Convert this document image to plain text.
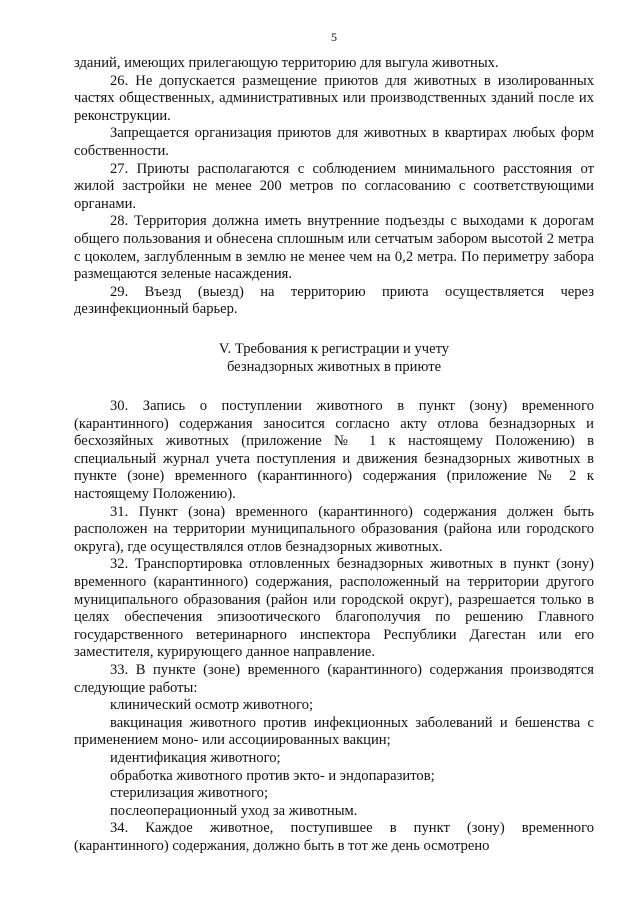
5

зданий, имеющих прилегающую территорию для выгула животных.

26. Не допускается размещение приютов для животных в изолированных частях общественных, административных или производственных зданий после их реконструкции.

Запрещается организация приютов для животных в квартирах любых форм собственности.

27. Приюты располагаются с соблюдением минимального расстояния от жилой застройки не менее 200 метров по согласованию с соответствующими органами.

28. Территория должна иметь внутренние подъезды с выходами к дорогам общего пользования и обнесена сплошным или сетчатым забором высотой 2 метра с цоколем, заглубленным в землю не менее чем на 0,2 метра. По периметру забора размещаются зеленые насаждения.

29. Въезд (выезд) на территорию приюта осуществляется через дезинфекционный барьер.

V. Требования к регистрации и учету
безнадзорных животных в приюте

30. Запись о поступлении животного в пункт (зону) временного (карантинного) содержания заносится согласно акту отлова безнадзорных и бесхозяйных животных (приложение № 1 к настоящему Положению) в специальный журнал учета поступления и движения безнадзорных животных в пункте (зоне) временного (карантинного) содержания (приложение № 2 к настоящему Положению).

31. Пункт (зона) временного (карантинного) содержания должен быть расположен на территории муниципального образования (района или городского округа), где осуществлялся отлов безнадзорных животных.

32. Транспортировка отловленных безнадзорных животных в пункт (зону) временного (карантинного) содержания, расположенный на территории другого муниципального образования (район или городской округ), разрешается только в целях обеспечения эпизоотического благополучия по решению Главного государственного ветеринарного инспектора Республики Дагестан или его заместителя, курирующего данное направление.

33. В пункте (зоне) временного (карантинного) содержания производятся следующие работы:

клинический осмотр животного;

вакцинация животного против инфекционных заболеваний и бешенства с применением моно- или ассоциированных вакцин;

идентификация животного;

обработка животного против экто- и эндопаразитов;

стерилизация животного;

послеоперационный уход за животным.

34. Каждое животное, поступившее в пункт (зону) временного (карантинного) содержания, должно быть в тот же день осмотрено
